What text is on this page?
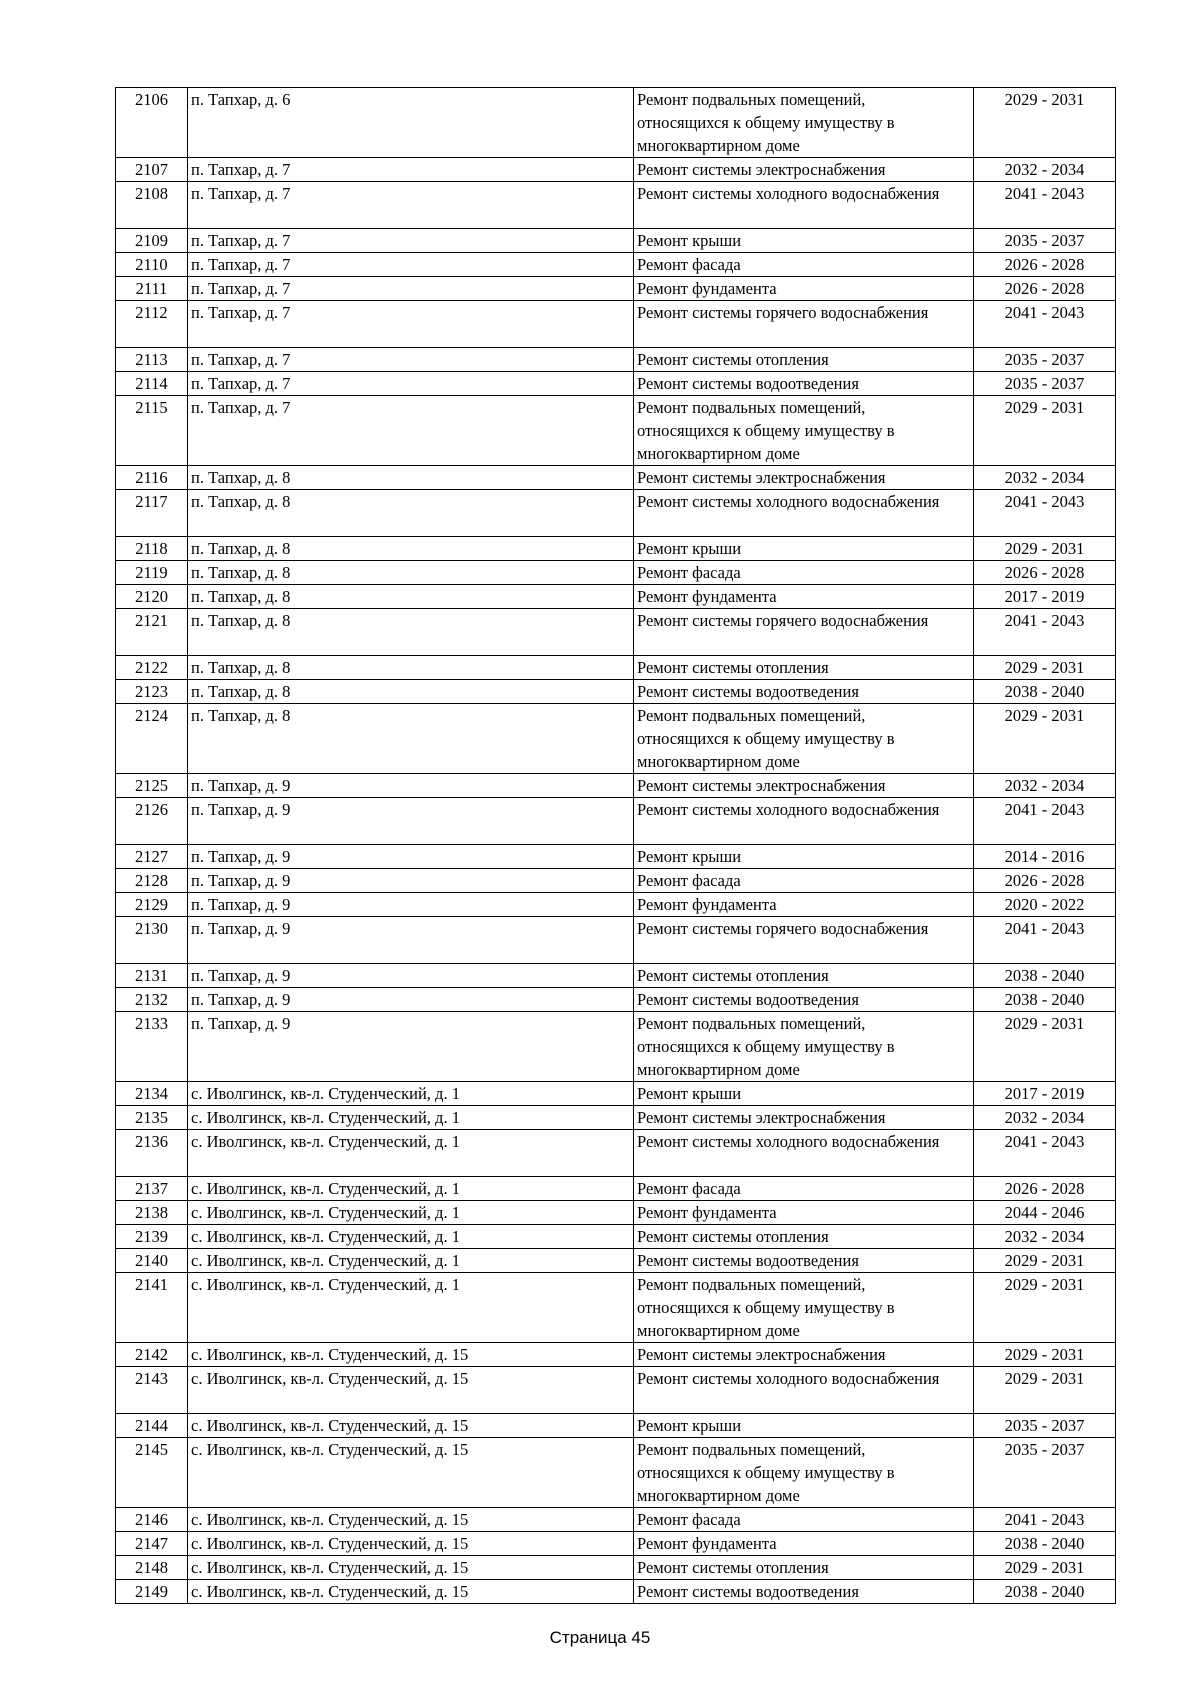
2106	п. Тапхар, д. 6	Ремонт подвальных помещений,
относящихся к общему имуществу в
многоквартирном доме	2029 - 2031
2107	п. Тапхар, д. 7	Ремонт системы электроснабжения	2032 - 2034
2108	п. Тапхар, д. 7	Ремонт системы холодного водоснабжения	2041 - 2043
2109	п. Тапхар, д. 7	Ремонт крыши	2035 - 2037
2110	п. Тапхар, д. 7	Ремонт фасада	2026 - 2028
2111	п. Тапхар, д. 7	Ремонт фундамента	2026 - 2028
2112	п. Тапхар, д. 7	Ремонт системы горячего водоснабжения	2041 - 2043
2113	п. Тапхар, д. 7	Ремонт системы отопления	2035 - 2037
2114	п. Тапхар, д. 7	Ремонт системы водоотведения	2035 - 2037
2115	п. Тапхар, д. 7	Ремонт подвальных помещений,
относящихся к общему имуществу в
многоквартирном доме	2029 - 2031
2116	п. Тапхар, д. 8	Ремонт системы электроснабжения	2032 - 2034
2117	п. Тапхар, д. 8	Ремонт системы холодного водоснабжения	2041 - 2043
2118	п. Тапхар, д. 8	Ремонт крыши	2029 - 2031
2119	п. Тапхар, д. 8	Ремонт фасада	2026 - 2028
2120	п. Тапхар, д. 8	Ремонт фундамента	2017 - 2019
2121	п. Тапхар, д. 8	Ремонт системы горячего водоснабжения	2041 - 2043
2122	п. Тапхар, д. 8	Ремонт системы отопления	2029 - 2031
2123	п. Тапхар, д. 8	Ремонт системы водоотведения	2038 - 2040
2124	п. Тапхар, д. 8	Ремонт подвальных помещений,
относящихся к общему имуществу в
многоквартирном доме	2029 - 2031
2125	п. Тапхар, д. 9	Ремонт системы электроснабжения	2032 - 2034
2126	п. Тапхар, д. 9	Ремонт системы холодного водоснабжения	2041 - 2043
2127	п. Тапхар, д. 9	Ремонт крыши	2014 - 2016
2128	п. Тапхар, д. 9	Ремонт фасада	2026 - 2028
2129	п. Тапхар, д. 9	Ремонт фундамента	2020 - 2022
2130	п. Тапхар, д. 9	Ремонт системы горячего водоснабжения	2041 - 2043
2131	п. Тапхар, д. 9	Ремонт системы отопления	2038 - 2040
2132	п. Тапхар, д. 9	Ремонт системы водоотведения	2038 - 2040
2133	п. Тапхар, д. 9	Ремонт подвальных помещений,
относящихся к общему имуществу в
многоквартирном доме	2029 - 2031
2134	с. Иволгинск, кв-л. Студенческий, д. 1	Ремонт крыши	2017 - 2019
2135	с. Иволгинск, кв-л. Студенческий, д. 1	Ремонт системы электроснабжения	2032 - 2034
2136	с. Иволгинск, кв-л. Студенческий, д. 1	Ремонт системы холодного водоснабжения	2041 - 2043
2137	с. Иволгинск, кв-л. Студенческий, д. 1	Ремонт фасада	2026 - 2028
2138	с. Иволгинск, кв-л. Студенческий, д. 1	Ремонт фундамента	2044 - 2046
2139	с. Иволгинск, кв-л. Студенческий, д. 1	Ремонт системы отопления	2032 - 2034
2140	с. Иволгинск, кв-л. Студенческий, д. 1	Ремонт системы водоотведения	2029 - 2031
2141	с. Иволгинск, кв-л. Студенческий, д. 1	Ремонт подвальных помещений,
относящихся к общему имуществу в
многоквартирном доме	2029 - 2031
2142	с. Иволгинск, кв-л. Студенческий, д. 15	Ремонт системы электроснабжения	2029 - 2031
2143	с. Иволгинск, кв-л. Студенческий, д. 15	Ремонт системы холодного водоснабжения	2029 - 2031
2144	с. Иволгинск, кв-л. Студенческий, д. 15	Ремонт крыши	2035 - 2037
2145	с. Иволгинск, кв-л. Студенческий, д. 15	Ремонт подвальных помещений,
относящихся к общему имуществу в
многоквартирном доме	2035 - 2037
2146	с. Иволгинск, кв-л. Студенческий, д. 15	Ремонт фасада	2041 - 2043
2147	с. Иволгинск, кв-л. Студенческий, д. 15	Ремонт фундамента	2038 - 2040
2148	с. Иволгинск, кв-л. Студенческий, д. 15	Ремонт системы отопления	2029 - 2031
2149	с. Иволгинск, кв-л. Студенческий, д. 15	Ремонт системы водоотведения	2038 - 2040
Страница 45
